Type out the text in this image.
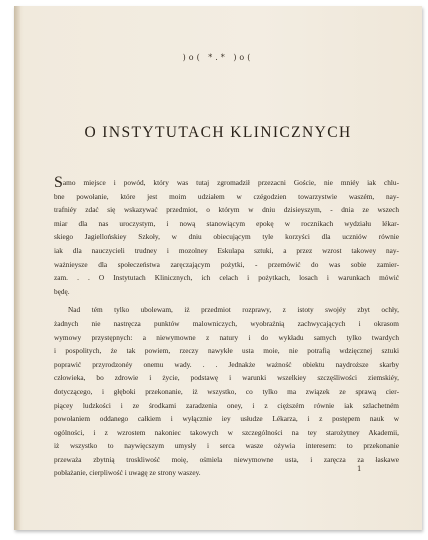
)o( *.* )o(
O INSTYTUTACH KLINICZNYCH
Samo miejsce i powód, który was tutaj zgromadził przezacni Goście, nie mniéy iak chlu-
bne powołanie, które jest moim udziałem w czégodzien towarzystwie waszém, nay-
trafniéy zdać się wskazywać przedmiot, o którym w dniu dzisieyszym, - dnia ze wszech
miar dla nas uroczystym, i nową stanowiącym epokę w rocznikach wydziału lékar-
skiego Jagiellońskiey Szkoły, w dniu obiecującym tyle korzyści dla uczniów równie
iak dla nauczycieli trudney i mozolney Eskulapa sztuki, a przez wzrost takowey nay-
ważnieysze dla społeczeństwa zaręczającym pożytki, - przemówić do was sobie zamier-
zam. . . O Instytutach Klinicznych, ich celach i pożytkach, losach i warunkach mówić
będę.
Nad tém tylko ubolewam, iż przedmiot rozprawy, z istoty swojéy zbyt ochły,
żadnych nie nastręcza punktów malowniczych, wyobraźnią zachwycających i okrasom
wymowy przystępnych: a niewymowne z natury i do wykładu samych tylko twardych
i pospolitych, że tak powiem, rzeczy nawykłe usta moie, nie potrafią wdzięcznej sztuki
poprawić przyrodzonéy onemu wady. . . Jednakże ważność obiektu naydroższe skarby
człowieka, bo zdrowie i życie, podstawę i warunki wszelkiey szczęśliwości ziemskiéy,
dotyczącego, i głęboki przekonanie, iż wszystko, co tylko ma związek ze sprawą cier-
piącey ludzkości i ze środkami zaradzenia oney, i z cięższém równie iak szlachetném
powołaniem oddanego całkiem i wyłącznie iey usłudze Lékarza, i z postępem nauk w
ogólności, i z wzrostem nakoniec takowych w szczególności na tey starożytney Akademii,
iż wszystko to naywięcszym umysły i serca wasze ożywia interesem: to przekonanie
przeważa zbytnią troskliwość moię, ośmiela niewymowne usta, i zaręcza za łaskawe
pobłażanie, cierpliwość i uwagę ze strony waszey.	1
